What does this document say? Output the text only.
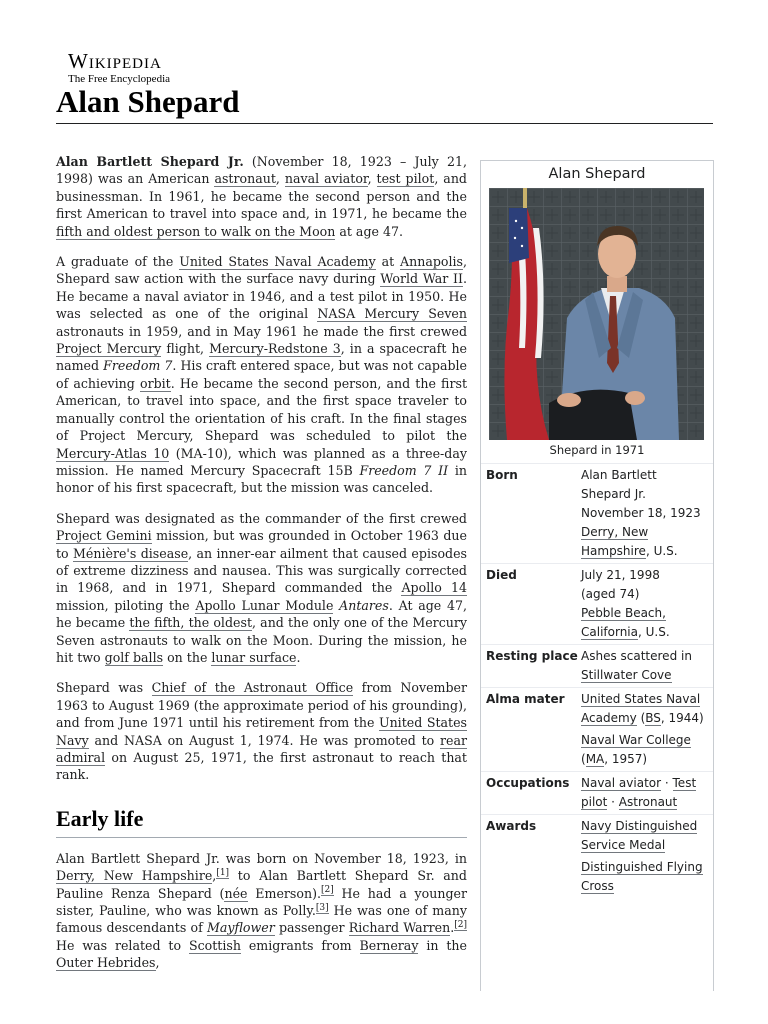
Wikipedia
The Free Encyclopedia
Alan Shepard

Alan Bartlett Shepard Jr. (November 18, 1923 – July 21, 1998) was an American astronaut, naval aviator, test pilot, and businessman. In 1961, he became the second person and the first American to travel into space and, in 1971, he became the fifth and oldest person to walk on the Moon at age 47.

A graduate of the United States Naval Academy at Annapolis, Shepard saw action with the surface navy during World War II. He became a naval aviator in 1946, and a test pilot in 1950. He was selected as one of the original NASA Mercury Seven astronauts in 1959, and in May 1961 he made the first crewed Project Mercury flight, Mercury-Redstone 3, in a spacecraft he named Freedom 7. His craft entered space, but was not capable of achieving orbit. He became the second person, and the first American, to travel into space, and the first space traveler to manually control the orientation of his craft. In the final stages of Project Mercury, Shepard was scheduled to pilot the Mercury-Atlas 10 (MA-10), which was planned as a three-day mission. He named Mercury Spacecraft 15B Freedom 7 II in honor of his first spacecraft, but the mission was canceled.

Shepard was designated as the commander of the first crewed Project Gemini mission, but was grounded in October 1963 due to Ménière's disease, an inner-ear ailment that caused episodes of extreme dizziness and nausea. This was surgically corrected in 1968, and in 1971, Shepard commanded the Apollo 14 mission, piloting the Apollo Lunar Module Antares. At age 47, he became the fifth, the oldest, and the only one of the Mercury Seven astronauts to walk on the Moon. During the mission, he hit two golf balls on the lunar surface.

Shepard was Chief of the Astronaut Office from November 1963 to August 1969 (the approximate period of his grounding), and from June 1971 until his retirement from the United States Navy and NASA on August 1, 1974. He was promoted to rear admiral on August 25, 1971, the first astronaut to reach that rank.

Early life

Alan Bartlett Shepard Jr. was born on November 18, 1923, in Derry, New Hampshire,[1] to Alan Bartlett Shepard Sr. and Pauline Renza Shepard (née Emerson).[2] He had a younger sister, Pauline, who was known as Polly.[3] He was one of many famous descendants of Mayflower passenger Richard Warren.[2] He was related to Scottish emigrants from Berneray in the Outer Hebrides,

Alan Shepard
Shepard in 1971
Born	Alan Bartlett Shepard Jr.
November 18, 1923
Derry, New Hampshire, U.S.
Died	July 21, 1998
(aged 74)
Pebble Beach, California, U.S.
Resting place Ashes scattered in Stillwater Cove
Alma mater	United States Naval Academy (BS, 1944)
Naval War College (MA, 1957)
Occupations Naval aviator · Test pilot · Astronaut
Awards	Navy Distinguished Service Medal
Distinguished Flying Cross
